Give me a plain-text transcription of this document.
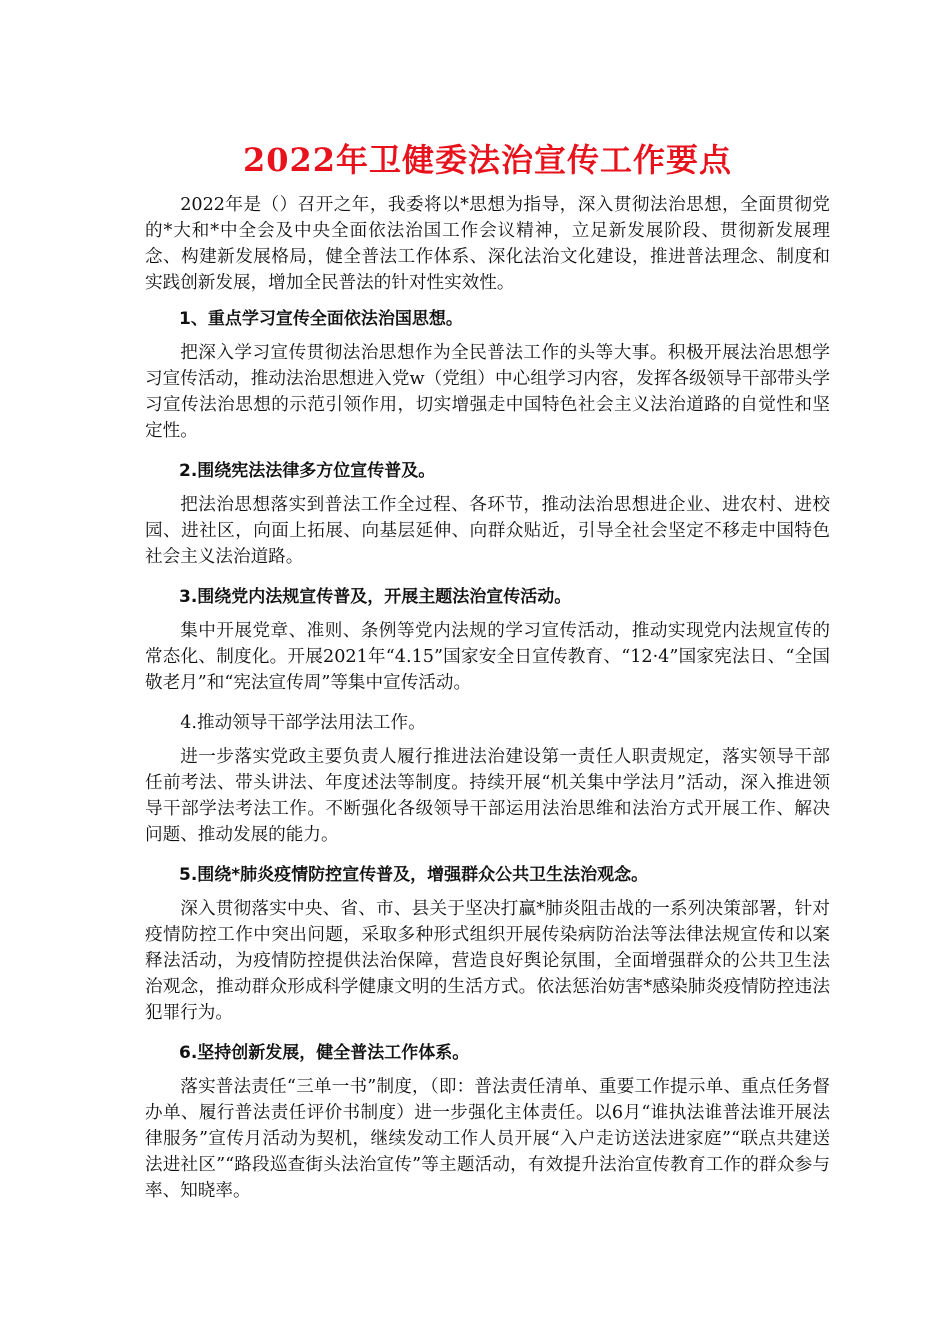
2022年卫健委法治宣传工作要点

2022年是（）召开之年，我委将以*思想为指导，深入贯彻法治思想，全面贯彻党的*大和*中全会及中央全面依法治国工作会议精神，立足新发展阶段、贯彻新发展理念、构建新发展格局，健全普法工作体系、深化法治文化建设，推进普法理念、制度和实践创新发展，增加全民普法的针对性实效性。

1、重点学习宣传全面依法治国思想。

把深入学习宣传贯彻法治思想作为全民普法工作的头等大事。积极开展法治思想学习宣传活动，推动法治思想进入党w（党组）中心组学习内容，发挥各级领导干部带头学习宣传法治思想的示范引领作用，切实增强走中国特色社会主义法治道路的自觉性和坚定性。

2.围绕宪法法律多方位宣传普及。

把法治思想落实到普法工作全过程、各环节，推动法治思想进企业、进农村、进校园、进社区，向面上拓展、向基层延伸、向群众贴近，引导全社会坚定不移走中国特色社会主义法治道路。

3.围绕党内法规宣传普及，开展主题法治宣传活动。

集中开展党章、准则、条例等党内法规的学习宣传活动，推动实现党内法规宣传的常态化、制度化。开展2021年“4.15”国家安全日宣传教育、“12·4”国家宪法日、“全国敬老月”和“宪法宣传周”等集中宣传活动。

4.推动领导干部学法用法工作。

进一步落实党政主要负责人履行推进法治建设第一责任人职责规定，落实领导干部任前考法、带头讲法、年度述法等制度。持续开展“机关集中学法月”活动，深入推进领导干部学法考法工作。不断强化各级领导干部运用法治思维和法治方式开展工作、解决问题、推动发展的能力。

5.围绕*肺炎疫情防控宣传普及，增强群众公共卫生法治观念。

深入贯彻落实中央、省、市、县关于坚决打赢*肺炎阻击战的一系列决策部署，针对疫情防控工作中突出问题，采取多种形式组织开展传染病防治法等法律法规宣传和以案释法活动，为疫情防控提供法治保障，营造良好舆论氛围，全面增强群众的公共卫生法治观念，推动群众形成科学健康文明的生活方式。依法惩治妨害*感染肺炎疫情防控违法犯罪行为。

6.坚持创新发展，健全普法工作体系。

落实普法责任“三单一书”制度，（即：普法责任清单、重要工作提示单、重点任务督办单、履行普法责任评价书制度）进一步强化主体责任。以6月“谁执法谁普法谁开展法律服务”宣传月活动为契机，继续发动工作人员开展“入户走访送法进家庭”“联点共建送法进社区”“路段巡查街头法治宣传”等主题活动，有效提升法治宣传教育工作的群众参与率、知晓率。
